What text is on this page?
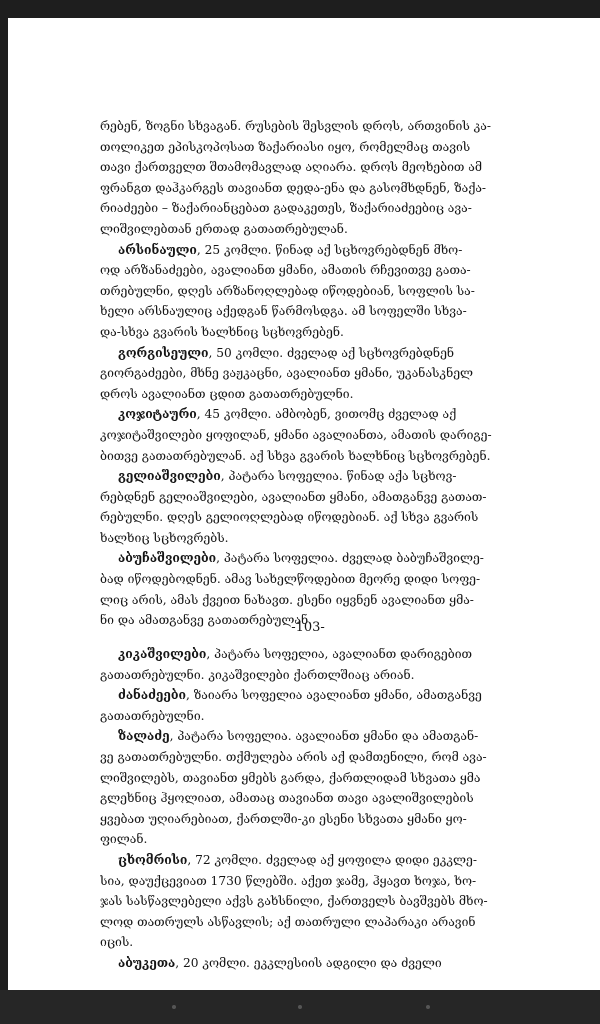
რებენ, ზოგნი სხვაგან. რუსების შესვლის დროს, ართვინის კა-
თოლიკეთ ეპისკოპოსათ ზაქარიასი იყო, რომელმაც თავის
თავი ქართველთ შთამომავლად აღიარა. დროს მეოხებით ამ
ფრანგთ დაჰკარგეს თავიანთ დედა-ენა და გასომხდნენ, ზაქა-
რიაძეები – ზაქარიანცებათ გადაკეთეს, ზაქარიაძეებიც ავა-
ლიშვილებთან ერთად გათათრებულან.
არსინაული, 25 კომლი. წინად აქ სცხოვრებდნენ მხო-
ოდ არზანაძეები, ავალიანთ ყმანი, ამათის რჩევითვე გათა-
თრებულნი, დღეს არზანოღლებად იწოდებიან, სოფლის სა-
ხელი არსნაულიც აქედგან წარმოსდგა. ამ სოფელში სხვა-
და-სხვა გვარის ხალხნიც სცხოვრებენ.
გორგისეული, 50 კომლი. ძველად აქ სცხოვრებდნენ
გიორგაძეები, მხნე ვაჟკაცნი, ავალიანთ ყმანი, უკანასკნელ
დროს ავალიანთ ცდით გათათრებულნი.
კოჯიტაური, 45 კომლი. ამბობენ, ვითომც ძველად აქ
კოჯიტაშვილები ყოფილან, ყმანი ავალიანთა, ამათის დარიგე-
ბითვე გათათრებულან. აქ სხვა გვარის ხალხნიც სცხოვრებენ.
გელიაშვილები, პატარა სოფელია. წინად აქა სცხოვ-
რებდნენ გელიაშვილები, ავალიანთ ყმანი, ამათგანვე გათათ-
რებულნი. დღეს გელიოღლებად იწოდებიან. აქ სხვა გვარის
ხალხიც სცხოვრებს.
აბუჩაშვილები, პატარა სოფელია. ძველად ბაბუჩაშვილე-
ბად იწოდებოდნენ. ამავ სახელწოდებით მეორე დიდი სოფე-
ლიც არის, ამას ქვეით ნახავთ. ესენი იყვნენ ავალიანთ ყმა-
ნი და ამათგანვე გათათრებულან.
-103-
კიკაშვილები, პატარა სოფელია, ავალიანთ დარიგებით
გათათრებულნი. კიკაშვილები ქართლშიაც არიან.
ძანაძეები, ზაიარა სოფელია ავალიანთ ყმანი, ამათგანვე
გათათრებულნი.
ზალაძე, პატარა სოფელია. ავალიანთ ყმანი და ამათგან-
ვე გათათრებულნი. თქმულება არის აქ დამთენილი, რომ ავა-
ლიშვილებს, თავიანთ ყმებს გარდა, ქართლიდამ სხვათა ყმა
გლეხნიც ჰყოლიათ, ამათაც თავიანთ თავი ავალიშვილების
ყვებათ უღიარებიათ, ქართლში-კი ესენი სხვათა ყმანი ყო-
ფილან.
ცხომრისი, 72 კომლი. ძველად აქ ყოფილა დიდი ეკკლე-
სია, დაუქცევიათ 1730 წლებში. აქეთ ჯამე, ჰყავთ ხოჯა, ხო-
ჯას სასწავლებელი აქვს გახსნილი, ქართველს ბავშვებს მხო-
ლოდ თათრულს ასწავლის; აქ თათრული ლაპარაკი არავინ
იცის.
აბუკეთა, 20 კომლი. ეკკლესიის ადგილი და ძველი
